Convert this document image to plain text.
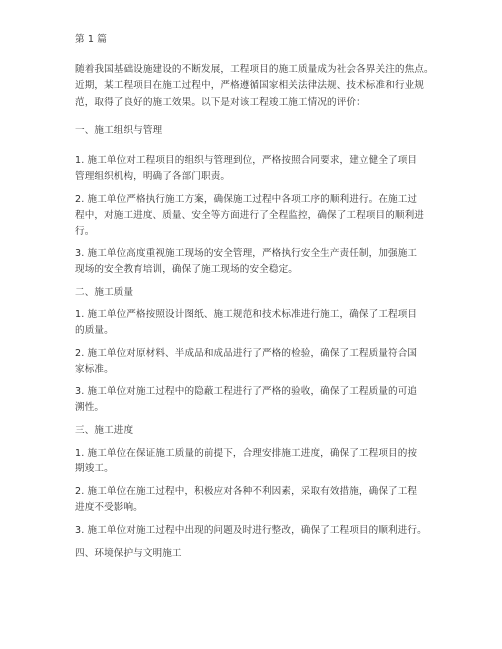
第 1 篇
随着我国基础设施建设的不断发展，工程项目的施工质量成为社会各界关注的焦点。
近期，某工程项目在施工过程中，严格遵循国家相关法律法规、技术标准和行业规
范，取得了良好的施工效果。以下是对该工程竣工施工情况的评价：
一、施工组织与管理
1. 施工单位对工程项目的组织与管理到位，严格按照合同要求，建立健全了项目
管理组织机构，明确了各部门职责。
2. 施工单位严格执行施工方案，确保施工过程中各项工序的顺利进行。在施工过
程中，对施工进度、质量、安全等方面进行了全程监控，确保了工程项目的顺利进
行。
3. 施工单位高度重视施工现场的安全管理，严格执行安全生产责任制，加强施工
现场的安全教育培训，确保了施工现场的安全稳定。
二、施工质量
1. 施工单位严格按照设计图纸、施工规范和技术标准进行施工，确保了工程项目
的质量。
2. 施工单位对原材料、半成品和成品进行了严格的检验，确保了工程质量符合国
家标准。
3. 施工单位对施工过程中的隐蔽工程进行了严格的验收，确保了工程质量的可追
溯性。
三、施工进度
1. 施工单位在保证施工质量的前提下，合理安排施工进度，确保了工程项目的按
期竣工。
2. 施工单位在施工过程中，积极应对各种不利因素，采取有效措施，确保了工程
进度不受影响。
3. 施工单位对施工过程中出现的问题及时进行整改，确保了工程项目的顺利进行。
四、环境保护与文明施工
